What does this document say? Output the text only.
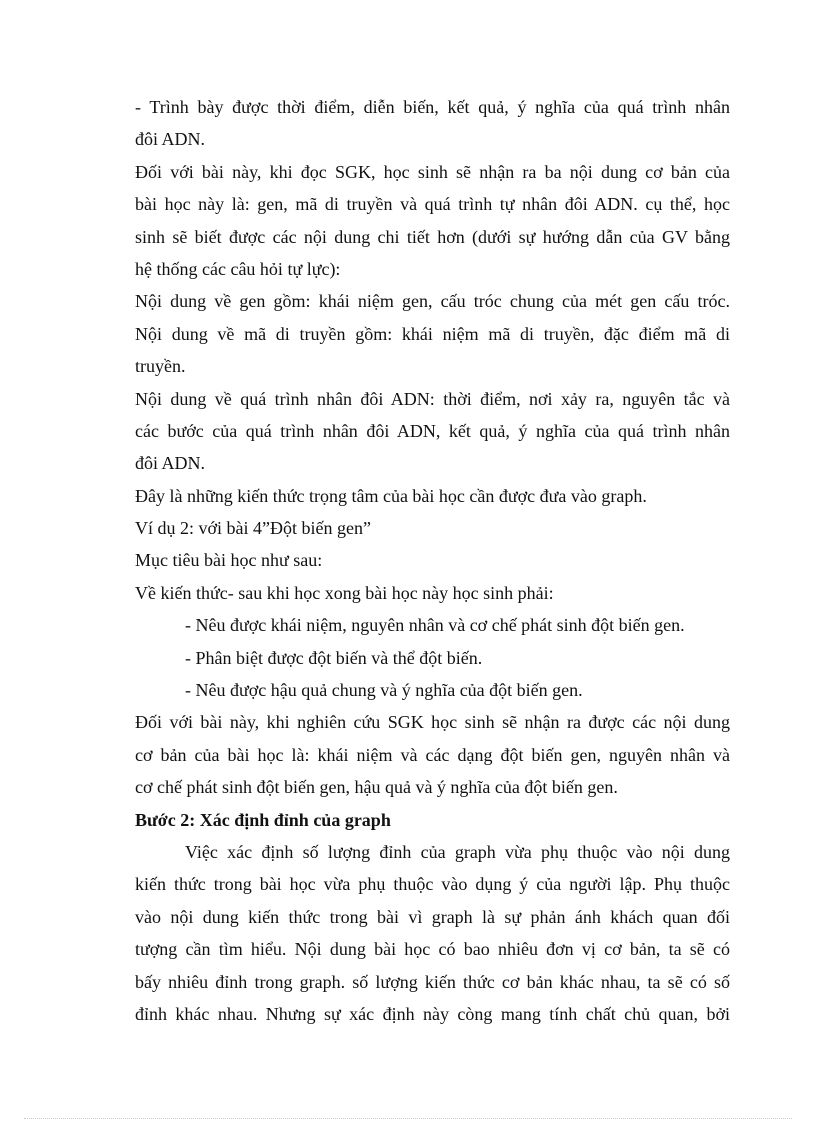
- Trình bày được thời điểm, diễn biến, kết quả, ý nghĩa của quá trình nhân
đôi ADN.
Đối với bài này, khi đọc SGK, học sinh sẽ nhận ra ba nội dung cơ bản của
bài học này là: gen, mã di truyền và quá trình tự nhân đôi ADN. cụ thể, học
sinh sẽ biết được các nội dung chi tiết hơn (dưới sự hướng dẫn của GV bằng
hệ thống các câu hỏi tự lực):
Nội dung về gen gồm: khái niệm gen, cấu tróc chung của mét gen cấu tróc.
Nội dung về mã di truyền gồm: khái niệm mã di truyền, đặc điểm mã di
truyền.
Nội dung về quá trình nhân đôi ADN: thời điểm, nơi xảy ra, nguyên tắc và
các bước của quá trình nhân đôi ADN, kết quả, ý nghĩa của quá trình nhân
đôi ADN.
Đây là những kiến thức trọng tâm của bài học cần được đưa vào graph.
Ví dụ 2: với bài 4”Đột biến gen”
Mục tiêu bài học như sau:
Về kiến thức- sau khi học xong bài học này học sinh phải:
- Nêu được khái niệm, nguyên nhân và cơ chế phát sinh đột biến gen.
- Phân biệt được đột biến và thể đột biến.
- Nêu được hậu quả chung và ý nghĩa của đột biến gen.
Đối với bài này, khi nghiên cứu SGK học sinh sẽ nhận ra được các nội dung
cơ bản của bài học là: khái niệm và các dạng đột biến gen, nguyên nhân và
cơ chế phát sinh đột biến gen, hậu quả và ý nghĩa của đột biến gen.
Bước 2: Xác định đỉnh của graph
Việc xác định số lượng đỉnh của graph vừa phụ thuộc vào nội dung
kiến thức trong bài học vừa phụ thuộc vào dụng ý của người lập. Phụ thuộc
vào nội dung kiến thức trong bài vì graph là sự phản ánh khách quan đối
tượng cần tìm hiểu. Nội dung bài học có bao nhiêu đơn vị cơ bản, ta sẽ có
bấy nhiêu đỉnh trong graph. số lượng kiến thức cơ bản khác nhau, ta sẽ có số
đỉnh khác nhau. Nhưng sự xác định này còng mang tính chất chủ quan, bởi
